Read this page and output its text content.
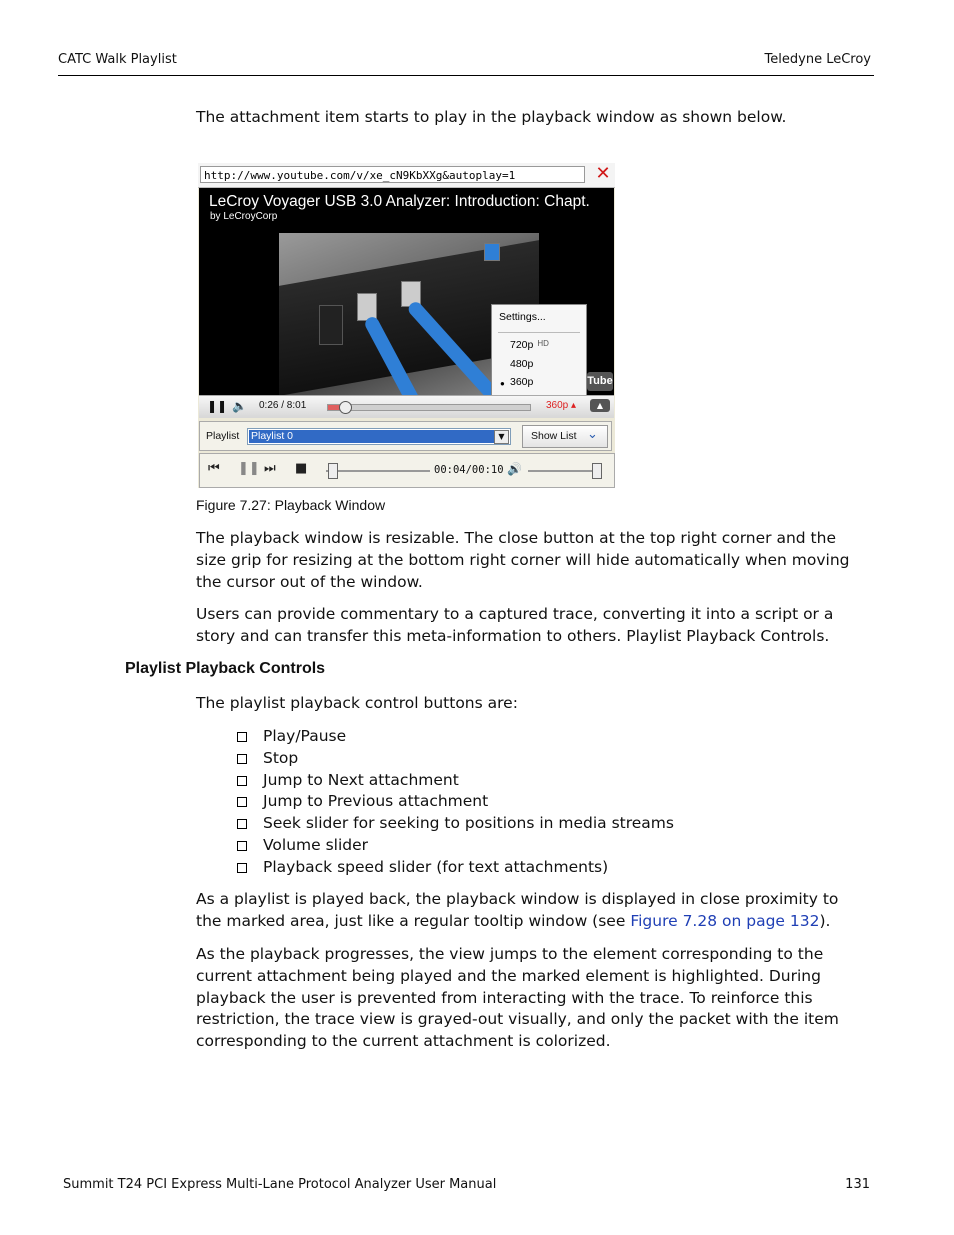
CATC Walk Playlist	Teledyne LeCroy
The attachment item starts to play in the playback window as shown below.
http://www.youtube.com/v/xe_cN9KbXXg&autoplay=1	✕
LeCroy Voyager USB 3.0 Analyzer: Introduction: Chapt.
by LeCroyCorp
Settings...
720p $^{HD}$
480p
● 360p	Tube
❚❚ 🔈 0:26 / 8:01	360p ▴	▲
Playlist Playlist 0	▼	Show List ⌄
⏮ ❚❚ ⏭ ■	00:04/00:10 🔊
Figure 7.27: Playback Window
The playback window is resizable. The close button at the top right corner and the size grip for resizing at the bottom right corner will hide automatically when moving the cursor out of the window.
Users can provide commentary to a captured trace, converting it into a script or a story and can transfer this meta-information to others. Playlist Playback Controls.
Playlist Playback Controls
The playlist playback control buttons are:
Play/Pause
Stop
Jump to Next attachment
Jump to Previous attachment
Seek slider for seeking to positions in media streams
Volume slider
Playback speed slider (for text attachments)
As a playlist is played back, the playback window is displayed in close proximity to the marked area, just like a regular tooltip window (see Figure 7.28 on page 132).
As the playback progresses, the view jumps to the element corresponding to the current attachment being played and the marked element is highlighted. During playback the user is prevented from interacting with the trace. To reinforce this restriction, the trace view is grayed-out visually, and only the packet with the item corresponding to the current attachment is colorized.
Summit T24 PCI Express Multi-Lane Protocol Analyzer User Manual	131
